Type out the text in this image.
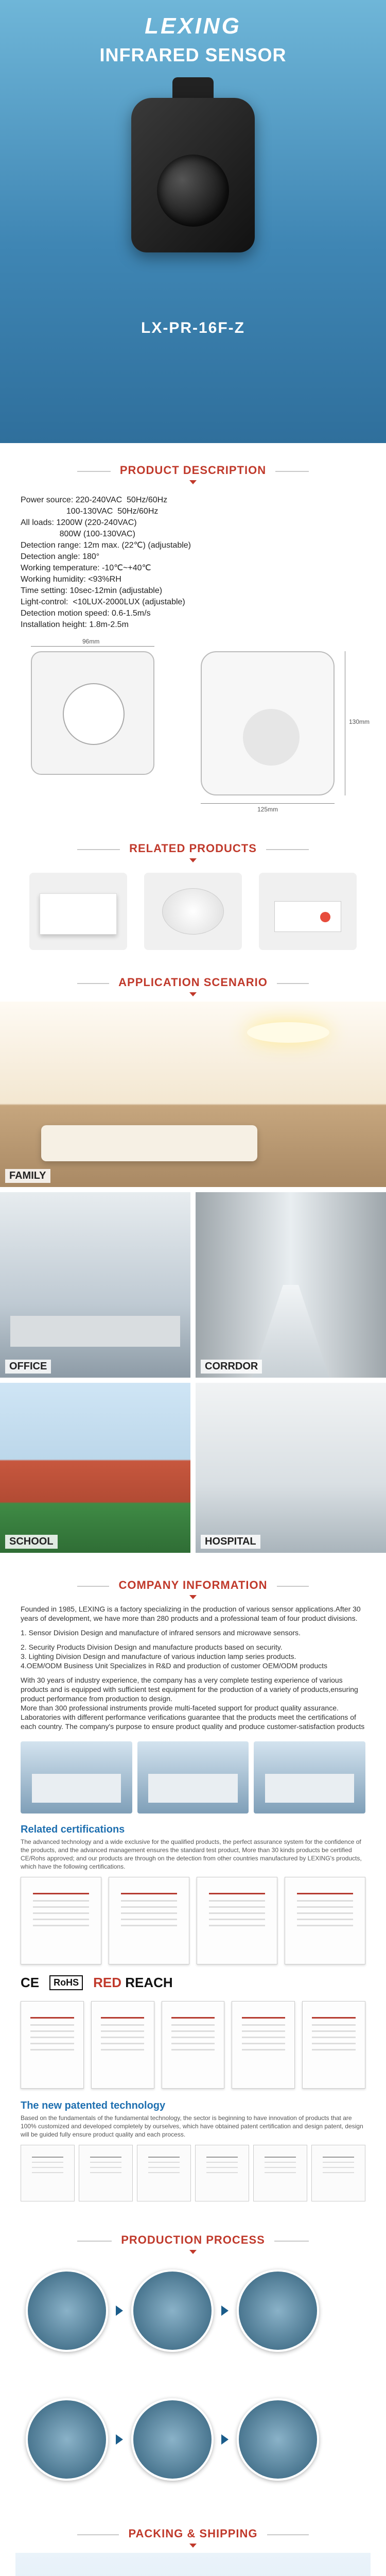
LEXING
INFRARED SENSOR
LX-PR-16F-Z
PRODUCT DESCRIPTION

Power source: 220-240VAC  50Hz/60Hz

100-130VAC  50Hz/60Hz

All loads: 1200W (220-240VAC)

800W (100-130VAC)

Detection range: 12m max. (22℃) (adjustable)

Detection angle: 180°

Working temperature: -10℃~+40℃

Working humidity: <93%RH

Time setting: 10sec-12min (adjustable)

Light-control:  <10LUX-2000LUX (adjustable)

Detection motion speed: 0.6-1.5m/s

Installation height: 1.8m-2.5m

96mm
130mm
125mm
RELATED PRODUCTS
APPLICATION SCENARIO
FAMILY
OFFICE	CORRDOR
SCHOOL	HOSPITAL
COMPANY INFORMATION

Founded in 1985, LEXING is a factory specializing in the production of various sensor applications.After 30 years of development, we have more than 280 products and a professional team of four product divisions.

1. Sensor Division Design and manufacture of infrared sensors and microwave sensors.

2. Security Products Division Design and manufacture products based on security.
3. Lighting Division Design and manufacture of various induction lamp series products.
4.OEM/ODM Business Unit Specializes in R&D and production of customer OEM/ODM products

With 30 years of industry experience, the company has a very complete testing experience of various products and is equipped with sufficient test equipment for the production of a variety of products,ensuring product performance from production to design.
More than 300 professional instruments provide multi-faceted support for product quality assurance. Laboratories with different performance verifications guarantee that the products meet the certifications of each country. The company's purpose to ensure product quality and produce customer-satisfaction products

Related certifications
The advanced technology and a wide exclusive for the qualified products, the perfect assurance system for the confidence of the products, and the advanced management ensures the standard test product, More than 30 kinds products be certified CE/Rohs approved; and our products are through on the detection from other countries manufactured by LEXING's products, which have the following certifications.
CE	RoHS	RED REACH
The new patented technology
Based on the fundamentals of the fundamental technology, the sector is beginning to have innovation of products that are 100% customized and developed completely by ourselves, which have obtained patent certification and design patent, design will be guided fully ensure product quality and each process.
PRODUCTION PROCESS
PACKING & SHIPPING
